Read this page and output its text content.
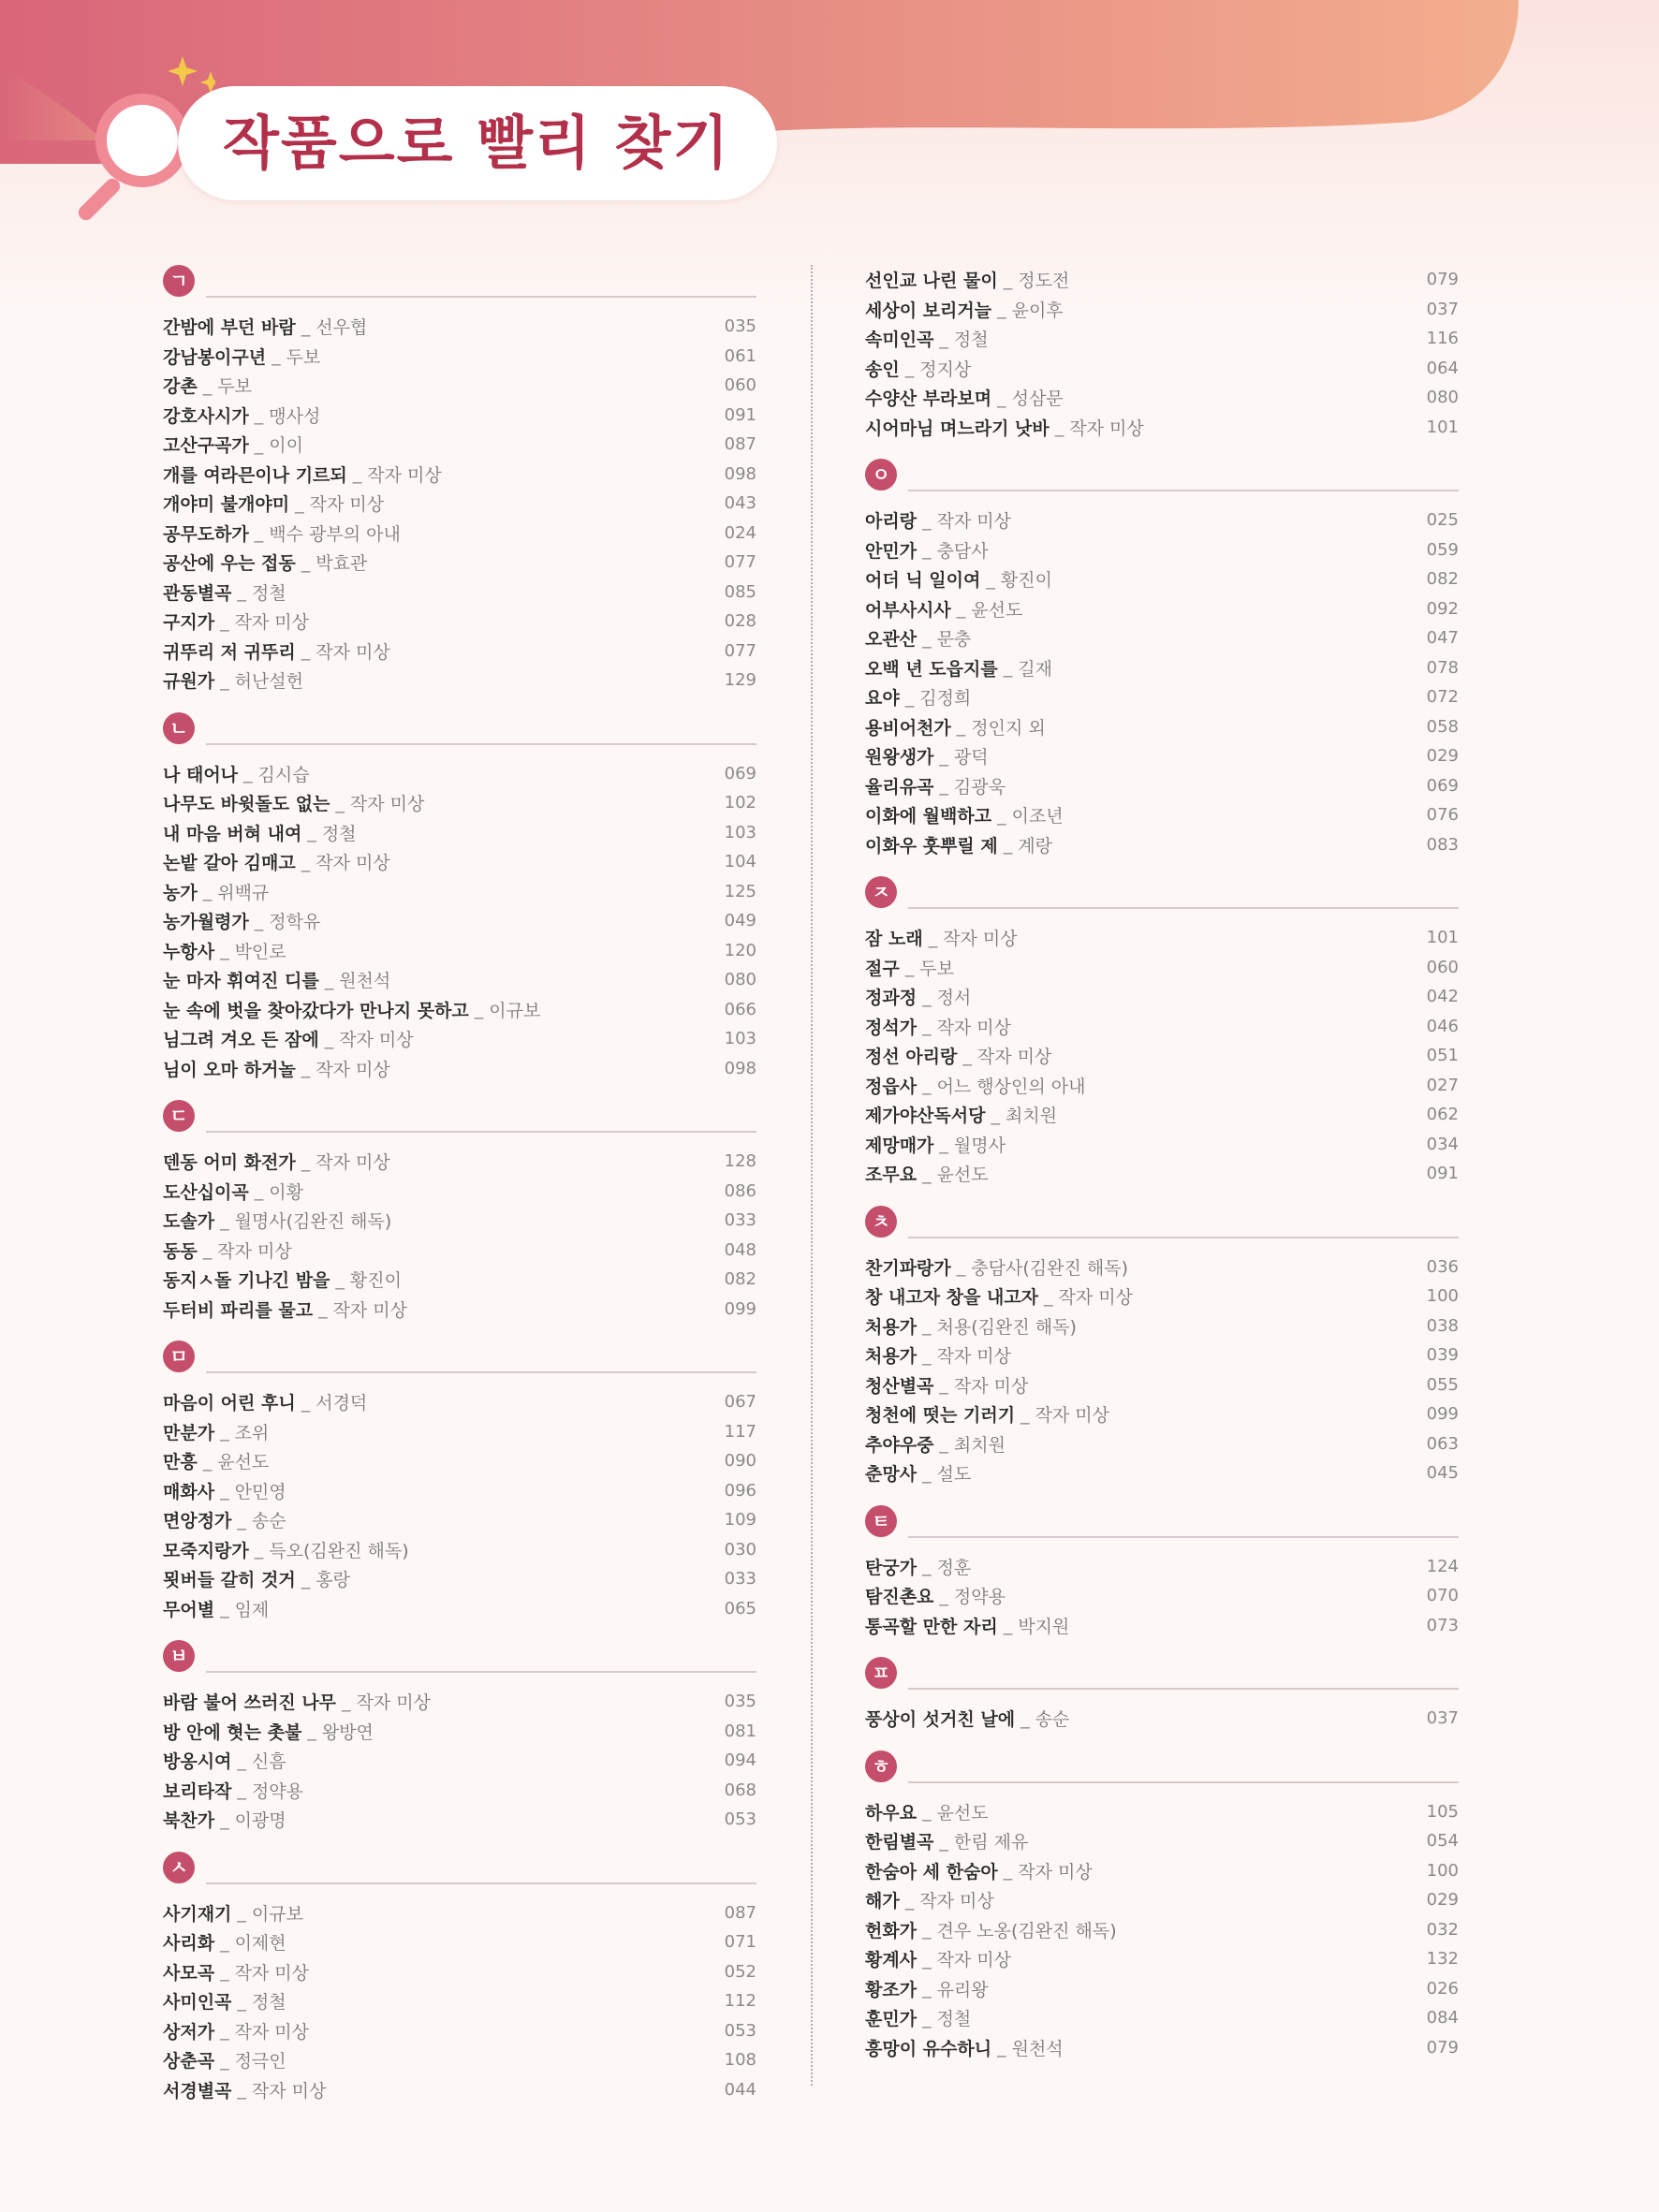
작품으로 빨리 찾기
ㄱ
간밤에 부던 바람 _ 선우협	035
강남봉이구년 _ 두보	061
강촌 _ 두보	060
강호사시가 _ 맹사성	091
고산구곡가 _ 이이	087
개를 여라믄이나 기르되 _ 작자 미상	098
개야미 불개야미 _ 작자 미상	043
공무도하가 _ 백수 광부의 아내	024
공산에 우는 접동 _ 박효관	077
관동별곡 _ 정철	085
구지가 _ 작자 미상	028
귀뚜리 저 귀뚜리 _ 작자 미상	077
규원가 _ 허난설헌	129
ㄴ
나 태어나 _ 김시습	069
나무도 바윗돌도 없는 _ 작자 미상	102
내 마음 버혀 내여 _ 정철	103
논밭 갈아 김매고 _ 작자 미상	104
농가 _ 위백규	125
농가월령가 _ 정학유	049
누항사 _ 박인로	120
눈 마자 휘여진 디를 _ 원천석	080
눈 속에 벗을 찾아갔다가 만나지 못하고 _ 이규보	066
님그려 겨오 든 잠에 _ 작자 미상	103
님이 오마 하거놀 _ 작자 미상	098
ㄷ
덴동 어미 화전가 _ 작자 미상	128
도산십이곡 _ 이황	086
도솔가 _ 월명사(김완진 해독)	033
동동 _ 작자 미상	048
동지ㅅ돌 기나긴 밤을 _ 황진이	082
두터비 파리를 물고 _ 작자 미상	099
ㅁ
마음이 어린 후니 _ 서경덕	067
만분가 _ 조위	117
만흥 _ 윤선도	090
매화사 _ 안민영	096
면앙정가 _ 송순	109
모죽지랑가 _ 득오(김완진 해독)	030
묏버들 갈히 것거 _ 홍랑	033
무어별 _ 임제	065
ㅂ
바람 불어 쓰러진 나무 _ 작자 미상	035
방 안에 혓는 촛불 _ 왕방연	081
방옹시여 _ 신흠	094
보리타작 _ 정약용	068
북찬가 _ 이광명	053
ㅅ
사기재기 _ 이규보	087
사리화 _ 이제현	071
사모곡 _ 작자 미상	052
사미인곡 _ 정철	112
상저가 _ 작자 미상	053
상춘곡 _ 정극인	108
서경별곡 _ 작자 미상	044
선인교 나린 물이 _ 정도전	079
세상이 보리거늘 _ 윤이후	037
속미인곡 _ 정철	116
송인 _ 정지상	064
수양산 부라보며 _ 성삼문	080
시어마님 며느라기 낫바 _ 작자 미상	101
ㅇ
아리랑 _ 작자 미상	025
안민가 _ 충담사	059
어더 닉 일이여 _ 황진이	082
어부사시사 _ 윤선도	092
오관산 _ 문충	047
오백 년 도읍지를 _ 길재	078
요야 _ 김정희	072
용비어천가 _ 정인지 외	058
원왕생가 _ 광덕	029
율리유곡 _ 김광욱	069
이화에 월백하고 _ 이조년	076
이화우 훗뿌릴 제 _ 계랑	083
ㅈ
잠 노래 _ 작자 미상	101
절구 _ 두보	060
정과정 _ 정서	042
정석가 _ 작자 미상	046
정선 아리랑 _ 작자 미상	051
정읍사 _ 어느 행상인의 아내	027
제가야산독서당 _ 최치원	062
제망매가 _ 월명사	034
조무요 _ 윤선도	091
ㅊ
찬기파랑가 _ 충담사(김완진 해독)	036
창 내고자 창을 내고자 _ 작자 미상	100
처용가 _ 처용(김완진 해독)	038
처용가 _ 작자 미상	039
청산별곡 _ 작자 미상	055
청천에 떳는 기러기 _ 작자 미상	099
추야우중 _ 최치원	063
춘망사 _ 설도	045
ㅌ
탄궁가 _ 정훈	124
탐진촌요 _ 정약용	070
통곡할 만한 자리 _ 박지원	073
ㅍ
풍상이 섯거친 날에 _ 송순	037
ㅎ
하우요 _ 윤선도	105
한림별곡 _ 한림 제유	054
한숨아 세 한숨아 _ 작자 미상	100
해가 _ 작자 미상	029
헌화가 _ 견우 노옹(김완진 해독)	032
황계사 _ 작자 미상	132
황조가 _ 유리왕	026
훈민가 _ 정철	084
흥망이 유수하니 _ 원천석	079
